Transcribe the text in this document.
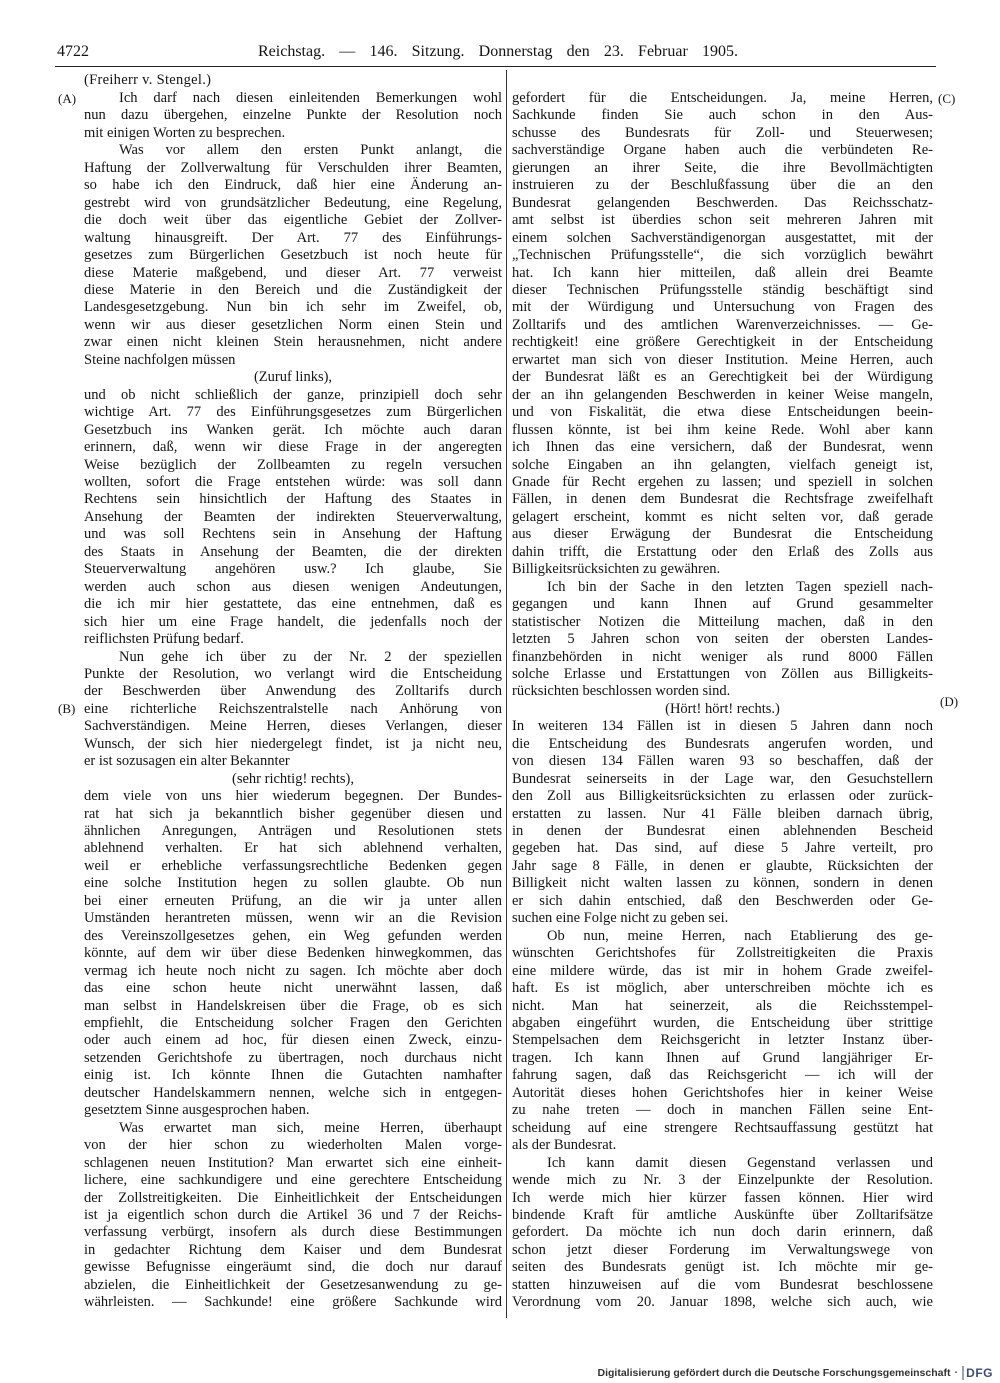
4722	Reichstag. — 146. Sitzung. Donnerstag den 23. Februar 1905.
(A)
(B)
(C)
(D)
(Freiherr v. Stengel.)
Ich darf nach diesen einleitenden Bemerkungen wohl
nun dazu übergehen, einzelne Punkte der Resolution noch
mit einigen Worten zu besprechen.
Was vor allem den ersten Punkt anlangt, die
Haftung der Zollverwaltung für Verschulden ihrer Beamten,
so habe ich den Eindruck, daß hier eine Änderung an-
gestrebt wird von grundsätzlicher Bedeutung, eine Regelung,
die doch weit über das eigentliche Gebiet der Zollver-
waltung hinausgreift. Der Art. 77 des Einführungs-
gesetzes zum Bürgerlichen Gesetzbuch ist noch heute für
diese Materie maßgebend, und dieser Art. 77 verweist
diese Materie in den Bereich und die Zuständigkeit der
Landesgesetzgebung. Nun bin ich sehr im Zweifel, ob,
wenn wir aus dieser gesetzlichen Norm einen Stein und
zwar einen nicht kleinen Stein herausnehmen, nicht andere
Steine nachfolgen müssen
(Zuruf links),
und ob nicht schließlich der ganze, prinzipiell doch sehr
wichtige Art. 77 des Einführungsgesetzes zum Bürgerlichen
Gesetzbuch ins Wanken gerät. Ich möchte auch daran
erinnern, daß, wenn wir diese Frage in der angeregten
Weise bezüglich der Zollbeamten zu regeln versuchen
wollten, sofort die Frage entstehen würde: was soll dann
Rechtens sein hinsichtlich der Haftung des Staates in
Ansehung der Beamten der indirekten Steuerverwaltung,
und was soll Rechtens sein in Ansehung der Haftung
des Staats in Ansehung der Beamten, die der direkten
Steuerverwaltung angehören usw.? Ich glaube, Sie
werden auch schon aus diesen wenigen Andeutungen,
die ich mir hier gestattete, das eine entnehmen, daß es
sich hier um eine Frage handelt, die jedenfalls noch der
reiflichsten Prüfung bedarf.
Nun gehe ich über zu der Nr. 2 der speziellen
Punkte der Resolution, wo verlangt wird die Entscheidung
der Beschwerden über Anwendung des Zolltarifs durch
eine richterliche Reichszentralstelle nach Anhörung von
Sachverständigen. Meine Herren, dieses Verlangen, dieser
Wunsch, der sich hier niedergelegt findet, ist ja nicht neu,
er ist sozusagen ein alter Bekannter
(sehr richtig! rechts),
dem viele von uns hier wiederum begegnen. Der Bundes-
rat hat sich ja bekanntlich bisher gegenüber diesen und
ähnlichen Anregungen, Anträgen und Resolutionen stets
ablehnend verhalten. Er hat sich ablehnend verhalten,
weil er erhebliche verfassungsrechtliche Bedenken gegen
eine solche Institution hegen zu sollen glaubte. Ob nun
bei einer erneuten Prüfung, an die wir ja unter allen
Umständen herantreten müssen, wenn wir an die Revision
des Vereinszollgesetzes gehen, ein Weg gefunden werden
könnte, auf dem wir über diese Bedenken hinwegkommen, das
vermag ich heute noch nicht zu sagen. Ich möchte aber doch
das eine schon heute nicht unerwähnt lassen, daß
man selbst in Handelskreisen über die Frage, ob es sich
empfiehlt, die Entscheidung solcher Fragen den Gerichten
oder auch einem ad hoc, für diesen einen Zweck, einzu-
setzenden Gerichtshofe zu übertragen, noch durchaus nicht
einig ist. Ich könnte Ihnen die Gutachten namhafter
deutscher Handelskammern nennen, welche sich in entgegen-
gesetztem Sinne ausgesprochen haben.
Was erwartet man sich, meine Herren, überhaupt
von der hier schon zu wiederholten Malen vorge-
schlagenen neuen Institution? Man erwartet sich eine einheit-
lichere, eine sachkundigere und eine gerechtere Entscheidung
der Zollstreitigkeiten. Die Einheitlichkeit der Entscheidungen
ist ja eigentlich schon durch die Artikel 36 und 7 der Reichs-
verfassung verbürgt, insofern als durch diese Bestimmungen
in gedachter Richtung dem Kaiser und dem Bundesrat
gewisse Befugnisse eingeräumt sind, die doch nur darauf
abzielen, die Einheitlichkeit der Gesetzesanwendung zu ge-
währleisten. — Sachkunde! eine größere Sachkunde wird
gefordert für die Entscheidungen. Ja, meine Herren,
Sachkunde finden Sie auch schon in den Aus-
schusse des Bundesrats für Zoll- und Steuerwesen;
sachverständige Organe haben auch die verbündeten Re-
gierungen an ihrer Seite, die ihre Bevollmächtigten
instruieren zu der Beschlußfassung über die an den
Bundesrat gelangenden Beschwerden. Das Reichsschatz-
amt selbst ist überdies schon seit mehreren Jahren mit
einem solchen Sachverständigenorgan ausgestattet, mit der
„Technischen Prüfungsstelle“, die sich vorzüglich bewährt
hat. Ich kann hier mitteilen, daß allein drei Beamte
dieser Technischen Prüfungsstelle ständig beschäftigt sind
mit der Würdigung und Untersuchung von Fragen des
Zolltarifs und des amtlichen Warenverzeichnisses. — Ge-
rechtigkeit! eine größere Gerechtigkeit in der Entscheidung
erwartet man sich von dieser Institution. Meine Herren, auch
der Bundesrat läßt es an Gerechtigkeit bei der Würdigung
der an ihn gelangenden Beschwerden in keiner Weise mangeln,
und von Fiskalität, die etwa diese Entscheidungen beein-
flussen könnte, ist bei ihm keine Rede. Wohl aber kann
ich Ihnen das eine versichern, daß der Bundesrat, wenn
solche Eingaben an ihn gelangten, vielfach geneigt ist,
Gnade für Recht ergehen zu lassen; und speziell in solchen
Fällen, in denen dem Bundesrat die Rechtsfrage zweifelhaft
gelagert erscheint, kommt es nicht selten vor, daß gerade
aus dieser Erwägung der Bundesrat die Entscheidung
dahin trifft, die Erstattung oder den Erlaß des Zolls aus
Billigkeitsrücksichten zu gewähren.
Ich bin der Sache in den letzten Tagen speziell nach-
gegangen und kann Ihnen auf Grund gesammelter
statistischer Notizen die Mitteilung machen, daß in den
letzten 5 Jahren schon von seiten der obersten Landes-
finanzbehörden in nicht weniger als rund 8000 Fällen
solche Erlasse und Erstattungen von Zöllen aus Billigkeits-
rücksichten beschlossen worden sind.
(Hört! hört! rechts.)
In weiteren 134 Fällen ist in diesen 5 Jahren dann noch
die Entscheidung des Bundesrats angerufen worden, und
von diesen 134 Fällen waren 93 so beschaffen, daß der
Bundesrat seinerseits in der Lage war, den Gesuchstellern
den Zoll aus Billigkeitsrücksichten zu erlassen oder zurück-
erstatten zu lassen. Nur 41 Fälle bleiben darnach übrig,
in denen der Bundesrat einen ablehnenden Bescheid
gegeben hat. Das sind, auf diese 5 Jahre verteilt, pro
Jahr sage 8 Fälle, in denen er glaubte, Rücksichten der
Billigkeit nicht walten lassen zu können, sondern in denen
er sich dahin entschied, daß den Beschwerden oder Ge-
suchen eine Folge nicht zu geben sei.
Ob nun, meine Herren, nach Etablierung des ge-
wünschten Gerichtshofes für Zollstreitigkeiten die Praxis
eine mildere würde, das ist mir in hohem Grade zweifel-
haft. Es ist möglich, aber unterschreiben möchte ich es
nicht. Man hat seinerzeit, als die Reichsstempel-
abgaben eingeführt wurden, die Entscheidung über strittige
Stempelsachen dem Reichsgericht in letzter Instanz über-
tragen. Ich kann Ihnen auf Grund langjähriger Er-
fahrung sagen, daß das Reichsgericht — ich will der
Autorität dieses hohen Gerichtshofes hier in keiner Weise
zu nahe treten — doch in manchen Fällen seine Ent-
scheidung auf eine strengere Rechtsauffassung gestützt hat
als der Bundesrat.
Ich kann damit diesen Gegenstand verlassen und
wende mich zu Nr. 3 der Einzelpunkte der Resolution.
Ich werde mich hier kürzer fassen können. Hier wird
bindende Kraft für amtliche Auskünfte über Zolltarifsätze
gefordert. Da möchte ich nun doch darin erinnern, daß
schon jetzt dieser Forderung im Verwaltungswege von
seiten des Bundesrats genügt ist. Ich möchte mir ge-
statten hinzuweisen auf die vom Bundesrat beschlossene
Verordnung vom 20. Januar 1898, welche sich auch, wie
Digitalisierung gefördert durch die Deutsche Forschungsgemeinschaft · DFG
